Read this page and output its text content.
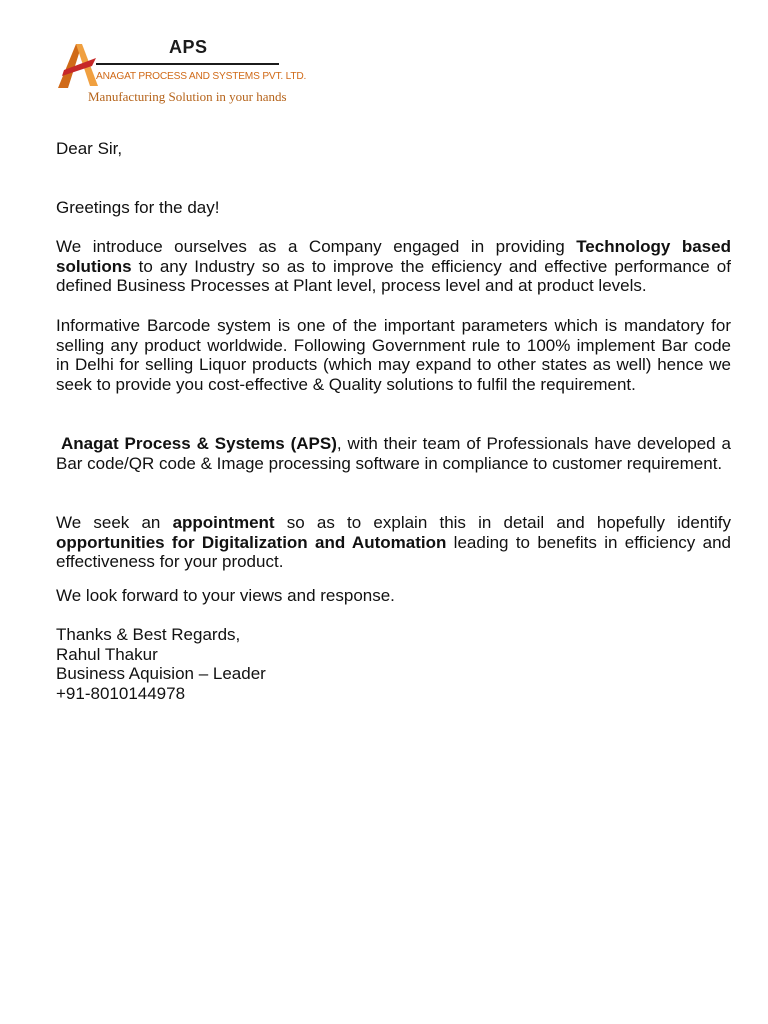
APS
ANAGAT PROCESS AND SYSTEMS PVT. LTD.
Manufacturing Solution in your hands
Dear Sir,
Greetings for the day!
We introduce ourselves as a Company engaged in providing Technology based solutions to any Industry so as to improve the efficiency and effective performance of defined Business Processes at Plant level, process level and at product levels.
Informative Barcode system is one of the important parameters which is mandatory for selling any product worldwide. Following Government rule to 100% implement Bar code in Delhi for selling Liquor products (which may expand to other states as well) hence we seek to provide you cost-effective & Quality solutions to fulfil the requirement.
Anagat Process & Systems (APS), with their team of Professionals have developed a Bar code/QR code & Image processing software in compliance to customer requirement.
We seek an appointment so as to explain this in detail and hopefully identify opportunities for Digitalization and Automation leading to benefits in efficiency and effectiveness for your product.
We look forward to your views and response.
Thanks & Best Regards,
Rahul Thakur
Business Aquision – Leader
+91-8010144978
